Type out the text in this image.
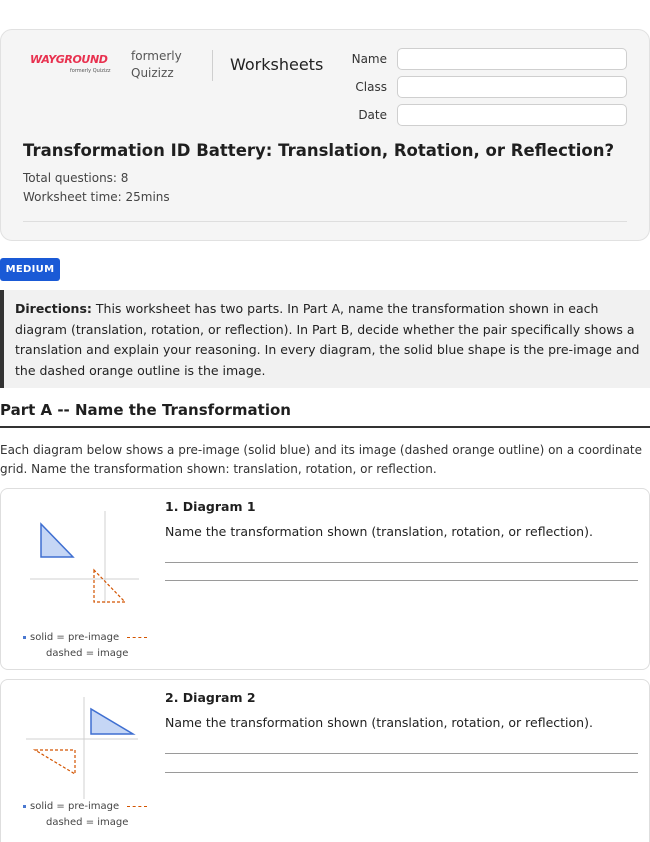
WAYGROUND
formerly Quizizz
formerly Quizizz	Worksheets	Name
Class
Date
Transformation ID Battery: Translation, Rotation, or Reflection?
Total questions: 8
Worksheet time: 25mins
MEDIUM

Directions: This worksheet has two parts. In Part A, name the transformation shown in each diagram (translation, rotation, or reflection). In Part B, decide whether the pair specifically shows a translation and explain your reasoning. In every diagram, the solid blue shape is the pre-image and the dashed orange outline is the image.

Part A -- Name the Transformation
Each diagram below shows a pre-image (solid blue) and its image (dashed orange outline) on a coordinate grid. Name the transformation shown: translation, rotation, or reflection.
solid = pre-image
dashed = image
1. Diagram 1
Name the transformation shown (translation, rotation, or reflection).
solid = pre-image
dashed = image
2. Diagram 2
Name the transformation shown (translation, rotation, or reflection).
